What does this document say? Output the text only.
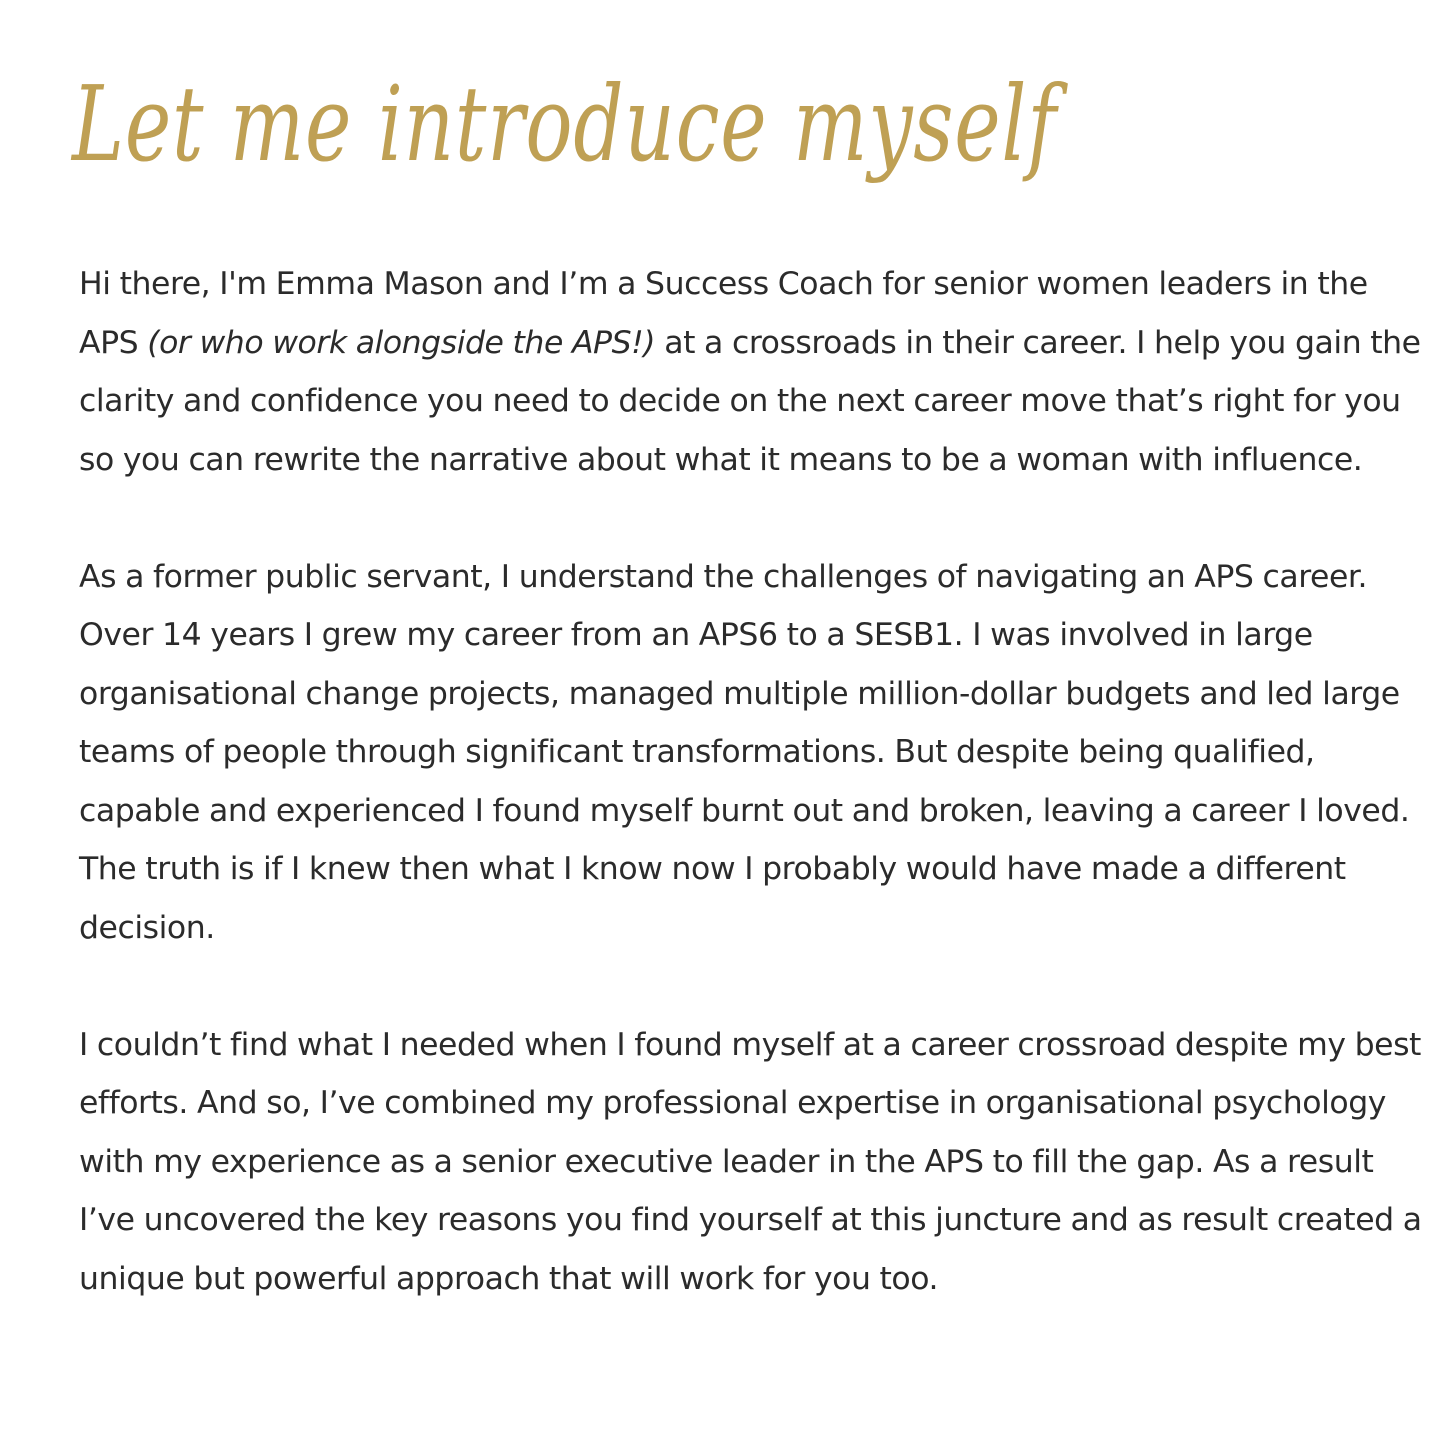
Let me introduce myself

Hi there, I'm Emma Mason and I’m a Success Coach for senior women leaders in the APS (or who work alongside the APS!) at a crossroads in their career. I help you gain the clarity and confidence you need to decide on the next career move that’s right for you so you can rewrite the narrative about what it means to be a woman with influence.

As a former public servant, I understand the challenges of navigating an APS career. Over 14 years I grew my career from an APS6 to a SESB1. I was involved in large organisational change projects, managed multiple million-dollar budgets and led large teams of people through significant transformations. But despite being qualified, capable and experienced I found myself burnt out and broken, leaving a career I loved. The truth is if I knew then what I know now I probably would have made a different decision.

I couldn’t find what I needed when I found myself at a career crossroad despite my best efforts. And so, I’ve combined my professional expertise in organisational psychology with my experience as a senior executive leader in the APS to fill the gap. As a result I’ve uncovered the key reasons you find yourself at this juncture and as result created a unique but powerful approach that will work for you too.
